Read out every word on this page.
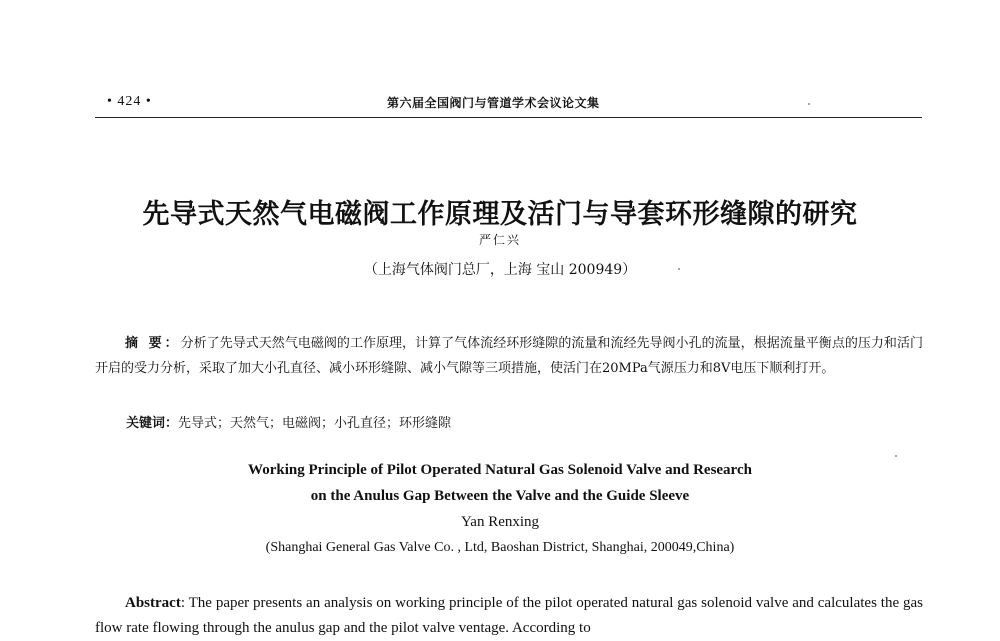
• 424 •	第六届全国阀门与管道学术会议论文集
先导式天然气电磁阀工作原理及活门与导套环形缝隙的研究
严仁兴
（上海气体阀门总厂，上海 宝山 200949）
摘 要：分析了先导式天然气电磁阀的工作原理，计算了气体流经环形缝隙的流量和流经先导阀小孔的流量，根据流量平衡点的压力和活门开启的受力分析，采取了加大小孔直径、减小环形缝隙、减小气隙等三项措施，使活门在20MPa气源压力和8V电压下顺利打开。
关键词：先导式；天然气；电磁阀；小孔直径；环形缝隙
Working Principle of Pilot Operated Natural Gas Solenoid Valve and Research
on the Anulus Gap Between the Valve and the Guide Sleeve
Yan Renxing
(Shanghai General Gas Valve Co. , Ltd, Baoshan District, Shanghai, 200049,China)
Abstract: The paper presents an analysis on working principle of the pilot operated natural gas solenoid valve and calculates the gas flow rate flowing through the anulus gap and the pilot valve ventage. According to
